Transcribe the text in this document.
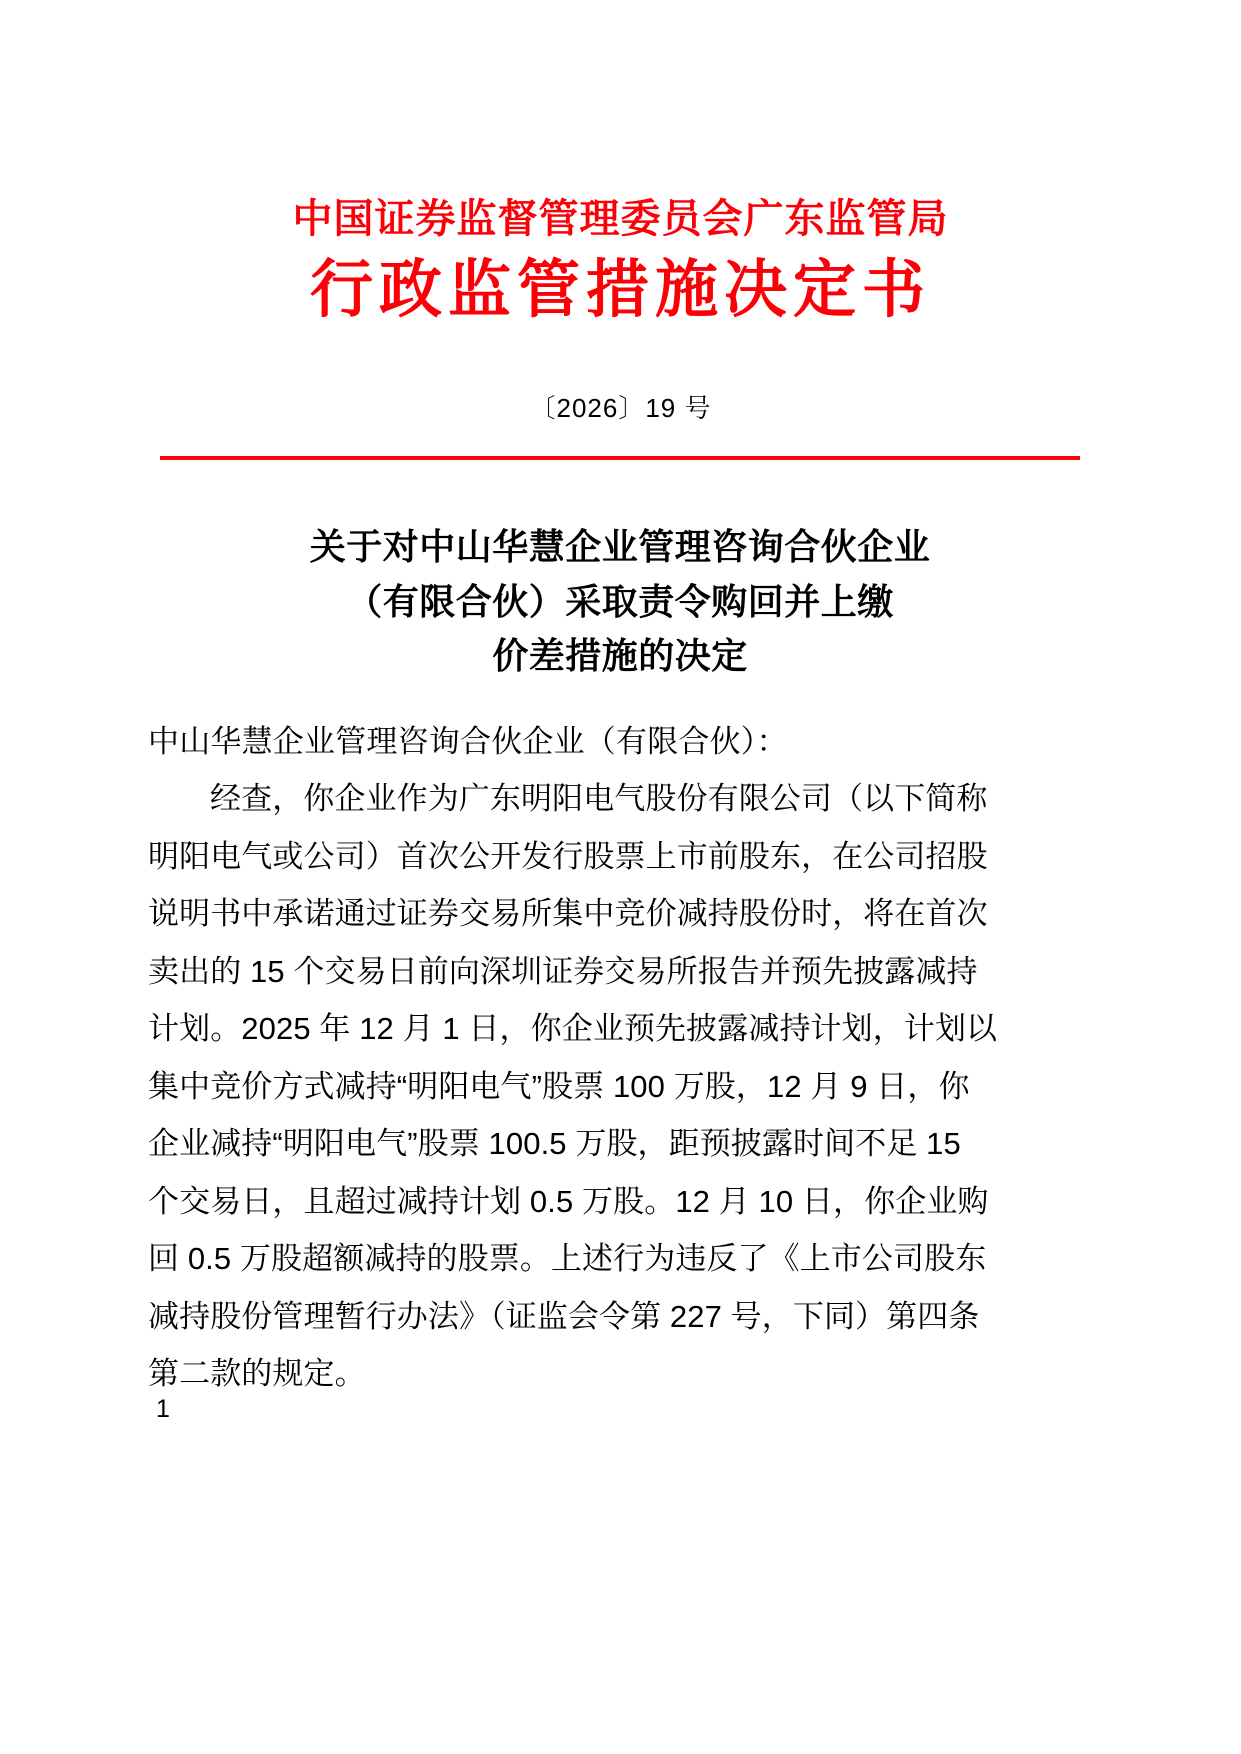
中国证券监督管理委员会广东监管局
行政监管措施决定书
〔2026〕19 号
关于对中山华慧企业管理咨询合伙企业
（有限合伙）采取责令购回并上缴
价差措施的决定
中山华慧企业管理咨询合伙企业（有限合伙）：
经查，你企业作为广东明阳电气股份有限公司（以下简称
明阳电气或公司）首次公开发行股票上市前股东，在公司招股
说明书中承诺通过证券交易所集中竞价减持股份时，将在首次
卖出的 15 个交易日前向深圳证券交易所报告并预先披露减持
计划。2025 年 12 月 1 日，你企业预先披露减持计划，计划以
集中竞价方式减持“明阳电气”股票 100 万股，12 月 9 日，你
企业减持“明阳电气”股票 100.5 万股，距预披露时间不足 15
个交易日，且超过减持计划 0.5 万股。12 月 10 日，你企业购
回 0.5 万股超额减持的股票。上述行为违反了《上市公司股东
减持股份管理暂行办法》（证监会令第 227 号，下同）第四条
第二款的规定。
1
